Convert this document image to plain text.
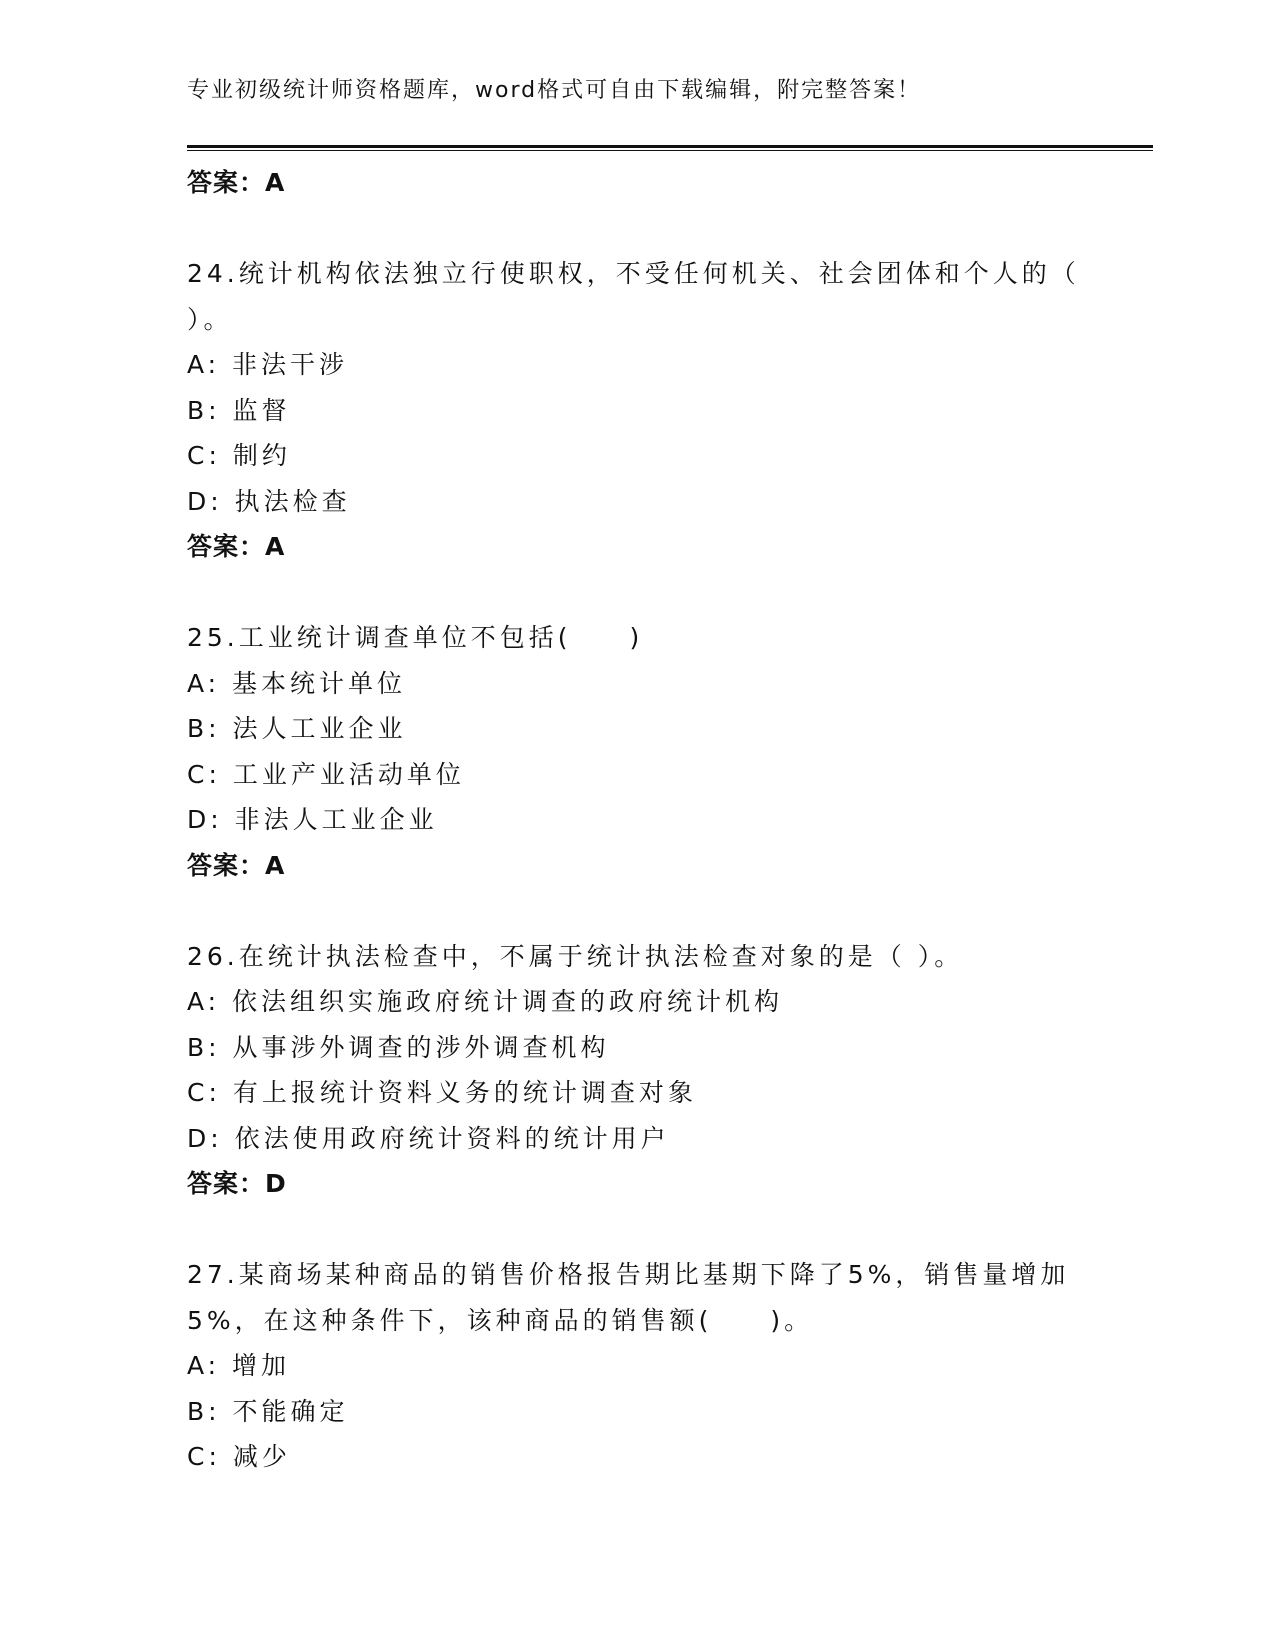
专业初级统计师资格题库，word格式可自由下载编辑，附完整答案！
答案：A
24.统计机构依法独立行使职权，不受任何机关、社会团体和个人的（
）。
A: 非法干涉
B: 监督
C: 制约
D: 执法检查
答案：A
25.工业统计调查单位不包括(　　)
A: 基本统计单位
B: 法人工业企业
C: 工业产业活动单位
D: 非法人工业企业
答案：A
26.在统计执法检查中，不属于统计执法检查对象的是（ ）。
A: 依法组织实施政府统计调查的政府统计机构
B: 从事涉外调查的涉外调查机构
C: 有上报统计资料义务的统计调查对象
D: 依法使用政府统计资料的统计用户
答案：D
27.某商场某种商品的销售价格报告期比基期下降了5%，销售量增加
5%，在这种条件下，该种商品的销售额(　　)。
A: 增加
B: 不能确定
C: 减少
